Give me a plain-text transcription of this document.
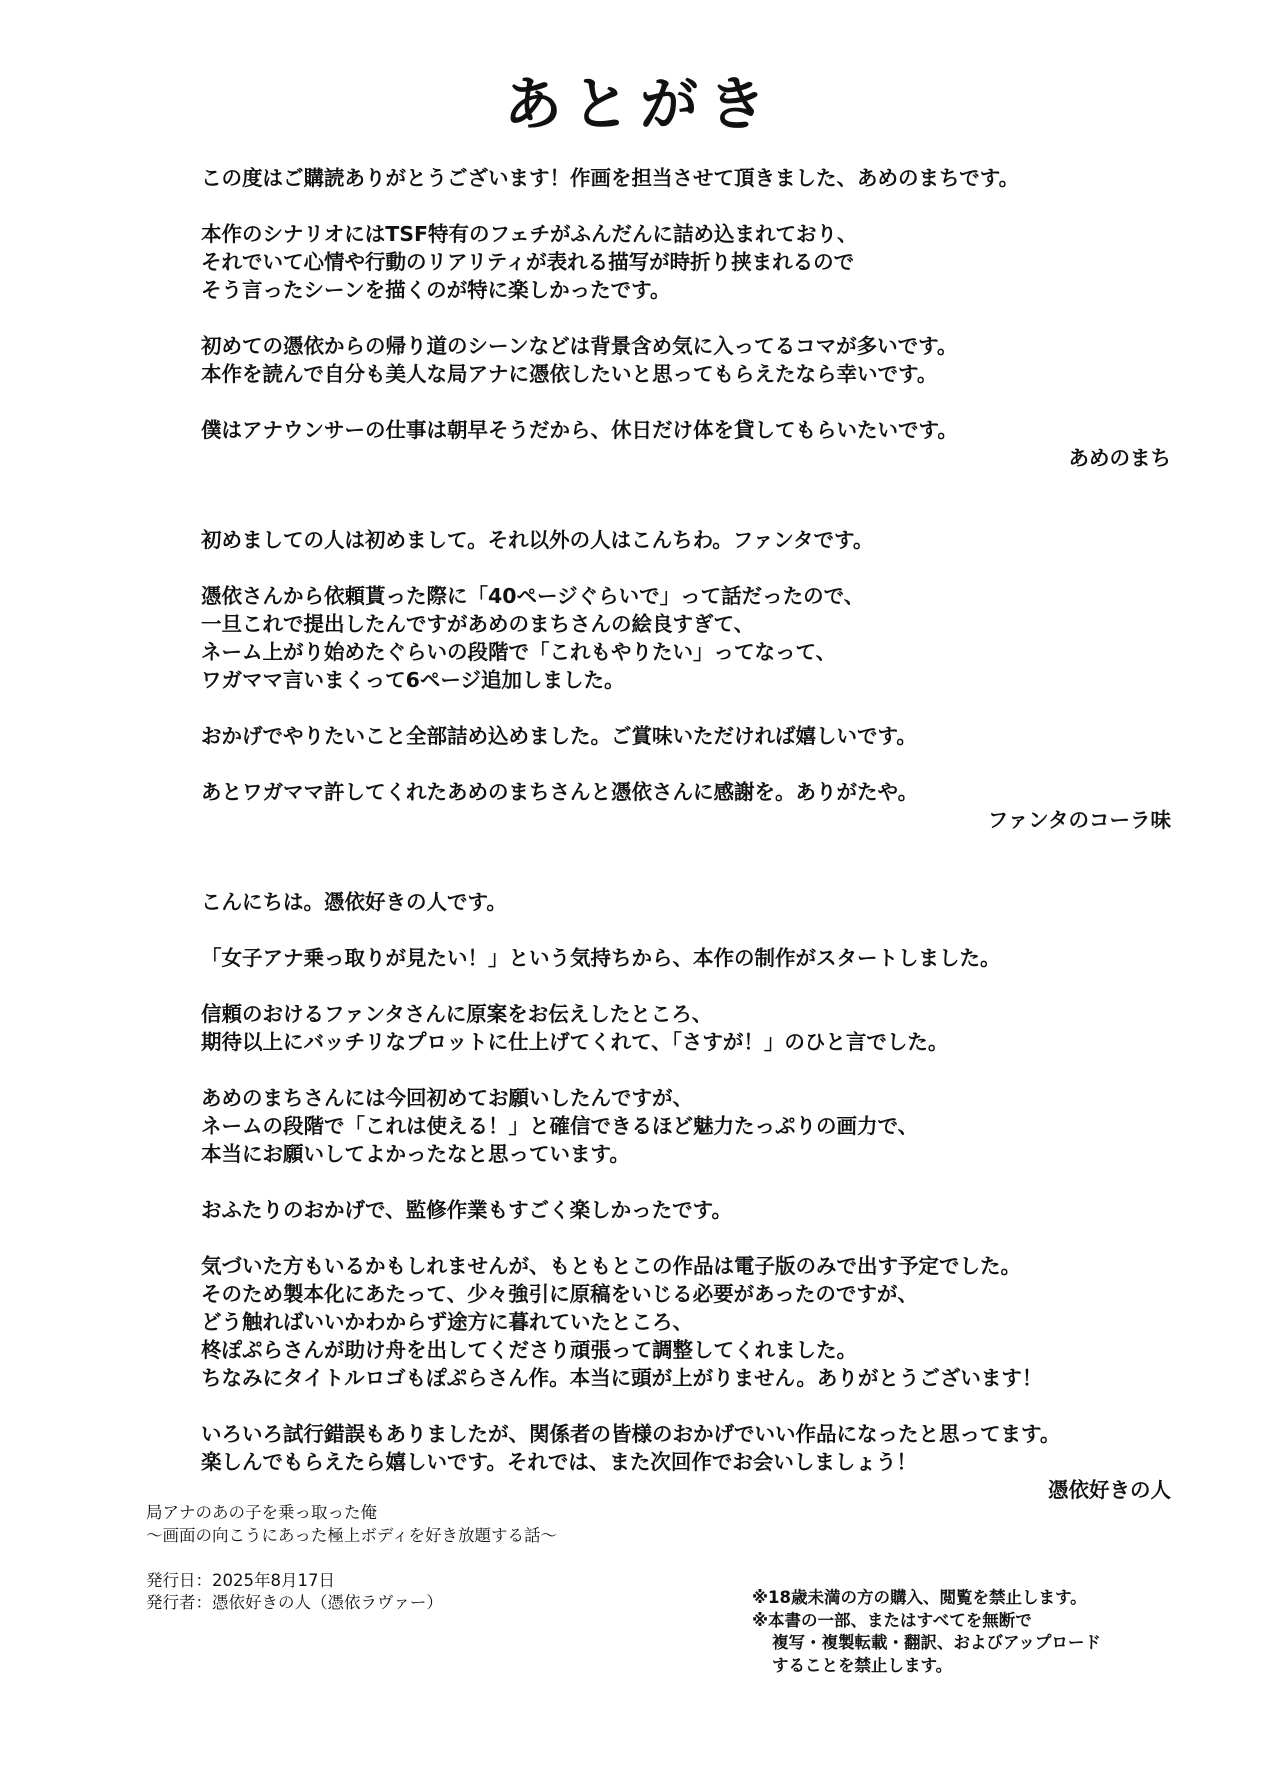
あとがき

この度はご購読ありがとうございます！作画を担当させて頂きました、あめのまちです。

本作のシナリオにはTSF特有のフェチがふんだんに詰め込まれており、
それでいて心情や行動のリアリティが表れる描写が時折り挟まれるので
そう言ったシーンを描くのが特に楽しかったです。

初めての憑依からの帰り道のシーンなどは背景含め気に入ってるコマが多いです。
本作を読んで自分も美人な局アナに憑依したいと思ってもらえたなら幸いです。

僕はアナウンサーの仕事は朝早そうだから、休日だけ体を貸してもらいたいです。

あめのまち

初めましての人は初めまして。それ以外の人はこんちわ。ファンタです。

憑依さんから依頼貰った際に「40ページぐらいで」って話だったので、
一旦これで提出したんですがあめのまちさんの絵良すぎて、
ネーム上がり始めたぐらいの段階で「これもやりたい」ってなって、
ワガママ言いまくって6ページ追加しました。

おかげでやりたいこと全部詰め込めました。ご賞味いただければ嬉しいです。

あとワガママ許してくれたあめのまちさんと憑依さんに感謝を。ありがたや。

ファンタのコーラ味

こんにちは。憑依好きの人です。

「女子アナ乗っ取りが見たい！」という気持ちから、本作の制作がスタートしました。

信頼のおけるファンタさんに原案をお伝えしたところ、
期待以上にバッチリなプロットに仕上げてくれて、「さすが！」のひと言でした。

あめのまちさんには今回初めてお願いしたんですが、
ネームの段階で「これは使える！」と確信できるほど魅力たっぷりの画力で、
本当にお願いしてよかったなと思っています。

おふたりのおかげで、監修作業もすごく楽しかったです。

気づいた方もいるかもしれませんが、もともとこの作品は電子版のみで出す予定でした。
そのため製本化にあたって、少々強引に原稿をいじる必要があったのですが、
どう触ればいいかわからず途方に暮れていたところ、
柊ぽぷらさんが助け舟を出してくださり頑張って調整してくれました。
ちなみにタイトルロゴもぽぷらさん作。本当に頭が上がりません。ありがとうございます！

いろいろ試行錯誤もありましたが、関係者の皆様のおかげでいい作品になったと思ってます。
楽しんでもらえたら嬉しいです。それでは、また次回作でお会いしましょう！

憑依好きの人
局アナのあの子を乗っ取った俺
～画面の向こうにあった極上ボディを好き放題する話～
発行日：2025年8月17日
発行者：憑依好きの人（憑依ラヴァー）	※18歳未満の方の購入、閲覧を禁止します。
※本書の一部、またはすべてを無断で
複写・複製転載・翻訳、およびアップロード
することを禁止します。
